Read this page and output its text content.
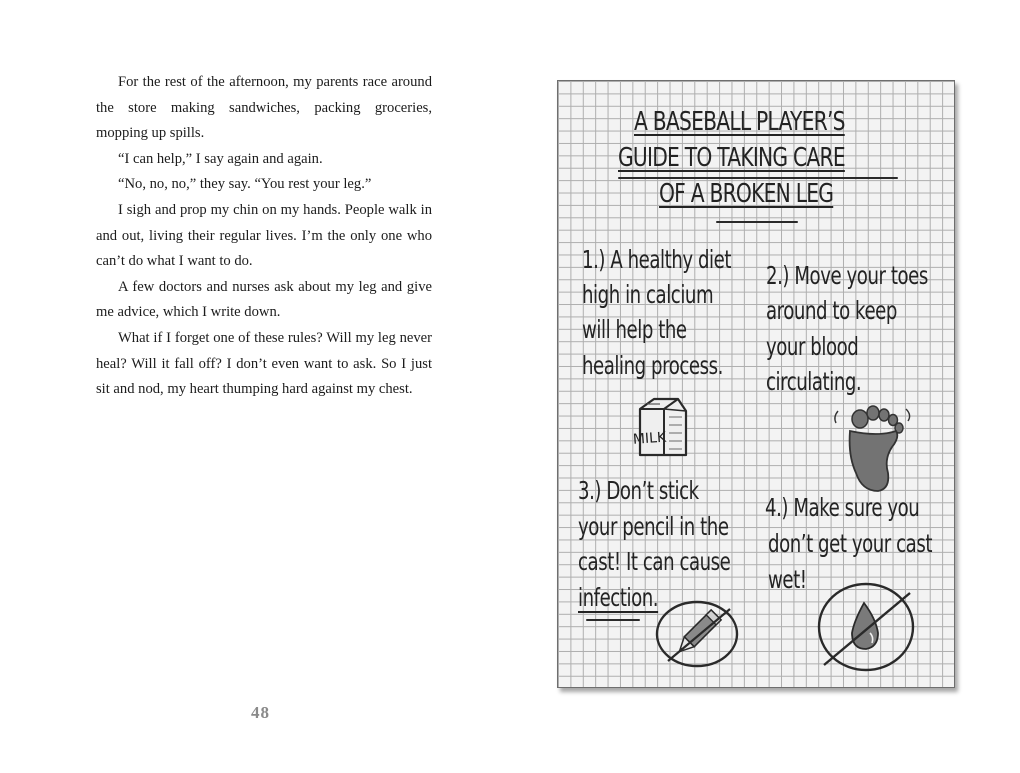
For the rest of the afternoon, my parents race around the store making sandwiches, packing groceries, mopping up spills.

“I can help,” I say again and again.

“No, no, no,” they say. “You rest your leg.”

I sigh and prop my chin on my hands. People walk in and out, living their regular lives. I’m the only one who can’t do what I want to do.

A few doctors and nurses ask about my leg and give me advice, which I write down.

What if I forget one of these rules? Will my leg never heal? Will it fall off? I don’t even want to ask. So I just sit and nod, my heart thumping hard against my chest.

48
A BASEBALL PLAYER’S
GUIDE TO TAKING CARE
OF A BROKEN LEG
1.) A healthy diet
high in calcium
will help the
healing process.
2.) Move your toes
around to keep
your blood
circulating.
MILK
3.) Don’t stick
your pencil in the
cast! It can cause
infection.
4.) Make sure you
don’t get your cast
wet!
